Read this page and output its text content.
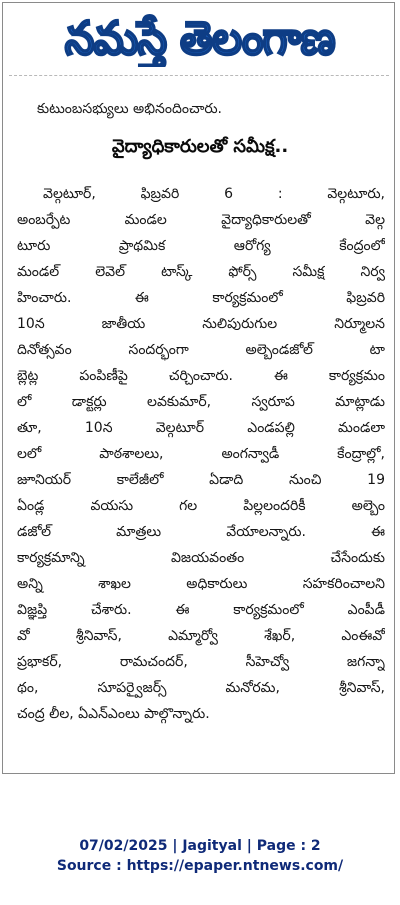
నమస్తే తెలంగాణ
కుటుంబసభ్యులు అభినందించారు.
వైద్యాధికారులతో సమీక్ష..
వెల్గటూర్, ఫిబ్రవరి 6 : వెల్గటూరు,
అంబర్పేట మండల వైద్యాధికారులతో వెల్గ
టూరు ప్రాథమిక ఆరోగ్య కేంద్రంలో
మండల్ లెవెల్ టాస్క్ ఫోర్స్ సమీక్ష నిర్వ
హించారు. ఈ కార్యక్రమంలో ఫిబ్రవరి
10న జాతీయ నులిపురుగుల నిర్మూలన
దినోత్సవం సందర్భంగా అల్బెండజోల్ టా
బ్లెట్ల పంపిణీపై చర్చించారు. ఈ కార్యక్రమం
లో డాక్టర్లు లవకుమార్, స్వరూప మాట్లాడు
తూ, 10న వెల్గటూర్ ఎండపల్లి మండలా
లలో పాఠశాలలు, అంగన్వాడీ కేంద్రాల్లో,
జూనియర్ కాలేజీలో ఏడాది నుంచి 19
ఏండ్ల వయసు గల పిల్లలందరికీ అల్బెం
డజోల్ మాత్రలు వేయాలన్నారు. ఈ
కార్యక్రమాన్ని విజయవంతం చేసేందుకు
అన్ని శాఖల అధికారులు సహకరించాలని
విజ్ఞప్తి చేశారు. ఈ కార్యక్రమంలో ఎంపీడీ
వో శ్రీనివాస్, ఎమ్మార్వో శేఖర్, ఎంఈవో
ప్రభాకర్, రామచందర్, సీహెచ్వో జగన్నా
థం, సూపర్వైజర్స్ మనోరమ, శ్రీనివాస్,
చంద్ర లీల, ఏఎన్ఎంలు పాల్గొన్నారు.
07/02/2025 | Jagityal | Page : 2
Source : https://epaper.ntnews.com/
